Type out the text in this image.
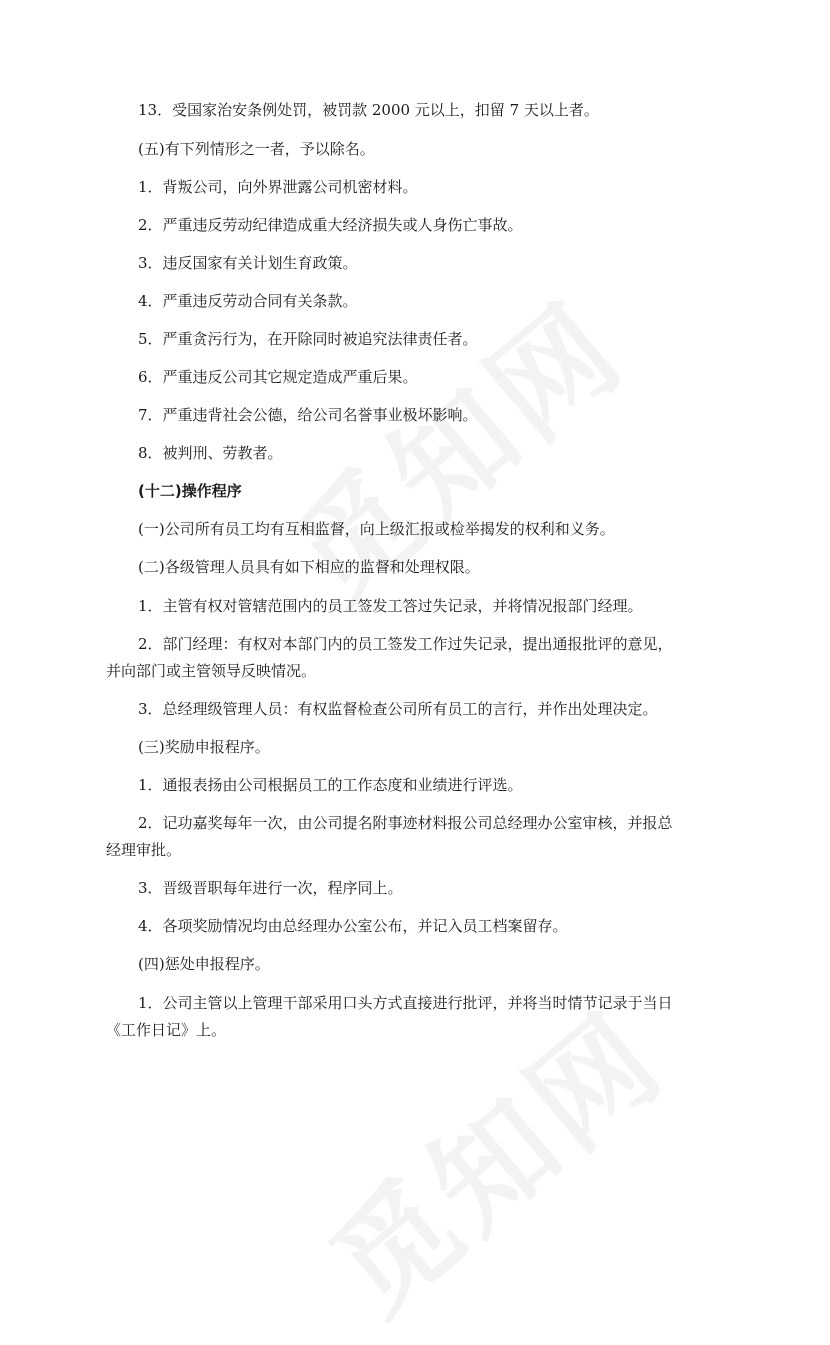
13．受国家治安条例处罚，被罚款 2000 元以上，扣留 7 天以上者。
(五)有下列情形之一者，予以除名。
1．背叛公司，向外界泄露公司机密材料。
2．严重违反劳动纪律造成重大经济损失或人身伤亡事故。
3．违反国家有关计划生育政策。
4．严重违反劳动合同有关条款。
5．严重贪污行为，在开除同时被追究法律责任者。
6．严重违反公司其它规定造成严重后果。
7．严重违背社会公德，给公司名誉事业极坏影响。
8．被判刑、劳教者。
(十二)操作程序
(一)公司所有员工均有互相监督，向上级汇报或检举揭发的权利和义务。
(二)各级管理人员具有如下相应的监督和处理权限。
1．主管有权对管辖范围内的员工签发工答过失记录，并将情况报部门经理。
2．部门经理：有权对本部门内的员工签发工作过失记录，提出通报批评的意见，
并向部门或主管领导反映情况。
3．总经理级管理人员：有权监督检查公司所有员工的言行，并作出处理决定。
(三)奖励申报程序。
1．通报表扬由公司根据员工的工作态度和业绩进行评选。
2．记功嘉奖每年一次，由公司提名附事迹材料报公司总经理办公室审核，并报总
经理审批。
3．晋级晋职每年进行一次，程序同上。
4．各项奖励情况均由总经理办公室公布，并记入员工档案留存。
(四)惩处申报程序。
1．公司主管以上管理干部采用口头方式直接进行批评，并将当时情节记录于当日
《工作日记》上。
